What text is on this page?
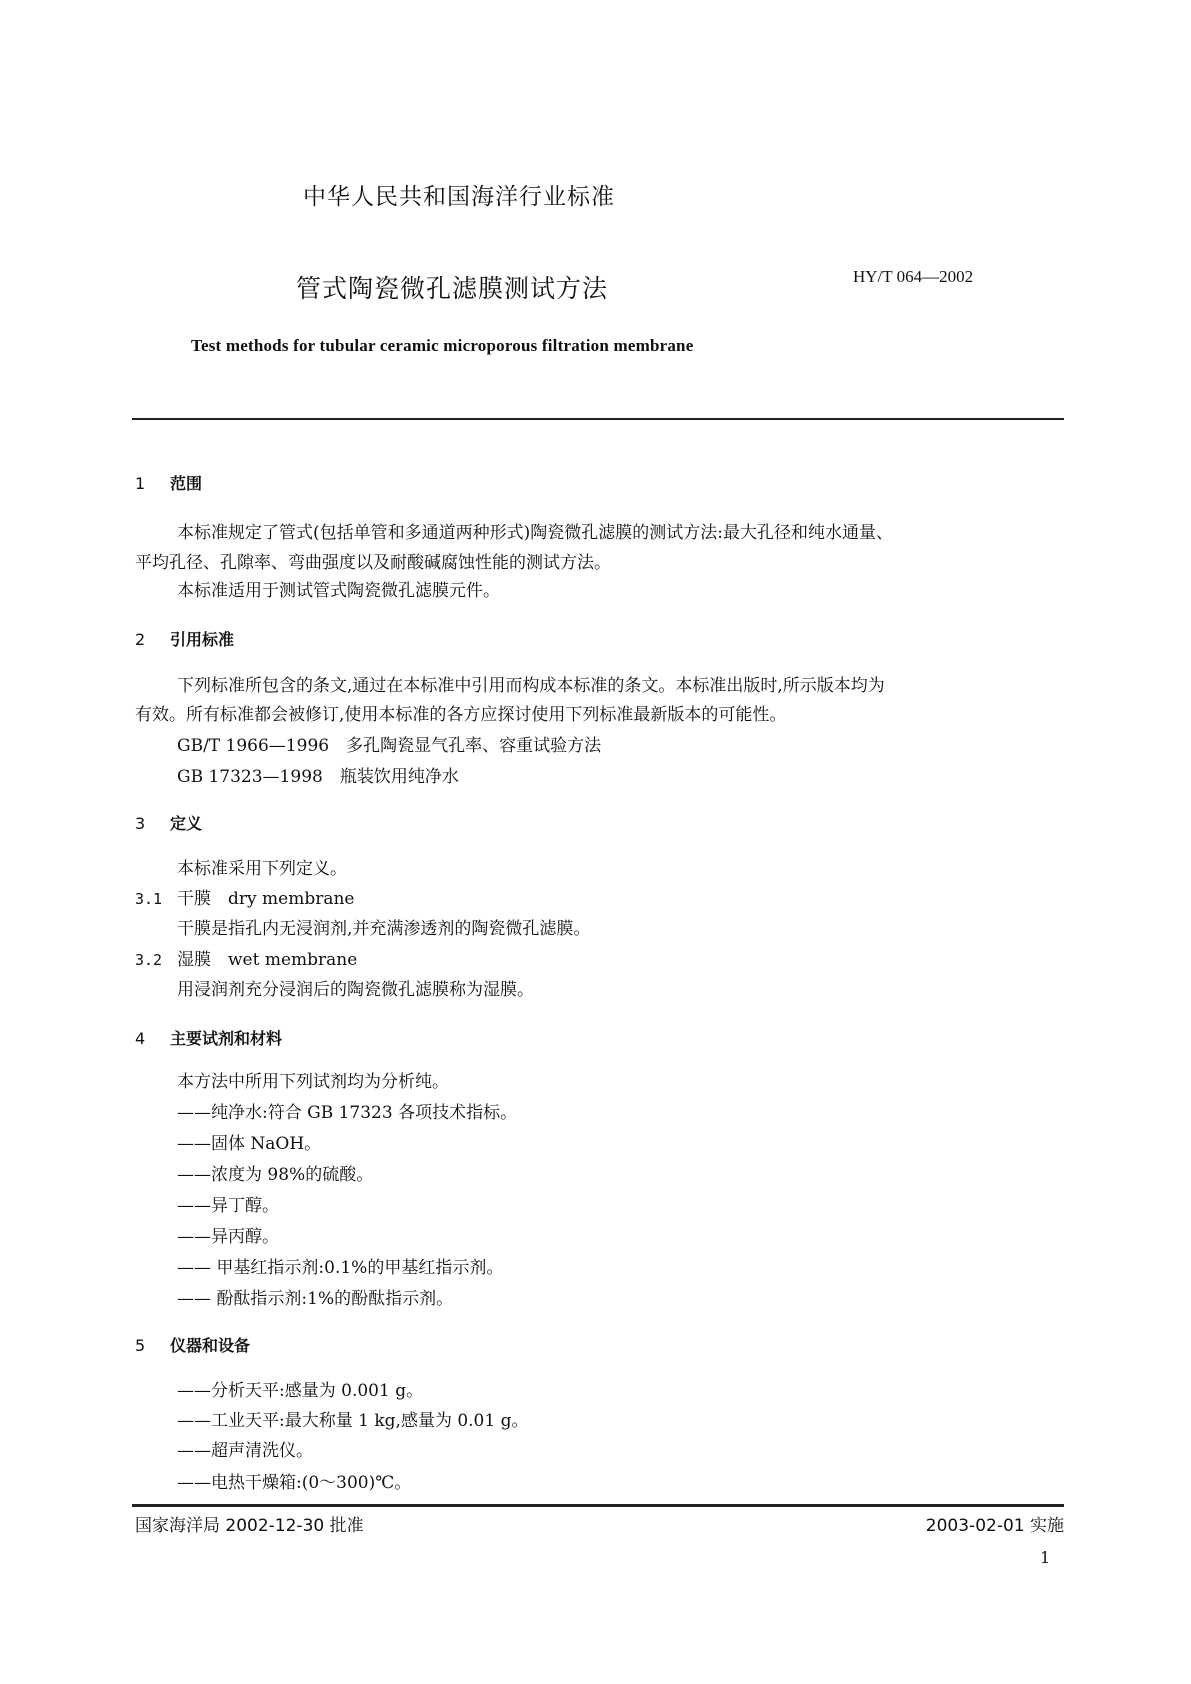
中华人民共和国海洋行业标准
管式陶瓷微孔滤膜测试方法	HY/T 064—2002
Test methods for tubular ceramic microporous filtration membrane
1 范围
本标准规定了管式(包括单管和多通道两种形式)陶瓷微孔滤膜的测试方法:最大孔径和纯水通量、
平均孔径、孔隙率、弯曲强度以及耐酸碱腐蚀性能的测试方法。
本标准适用于测试管式陶瓷微孔滤膜元件。
2 引用标准
下列标准所包含的条文,通过在本标准中引用而构成本标准的条文。本标准出版时,所示版本均为
有效。所有标准都会被修订,使用本标准的各方应探讨使用下列标准最新版本的可能性。
GB/T 1966—1996　多孔陶瓷显气孔率、容重试验方法
GB 17323—1998　瓶装饮用纯净水
3 定义
本标准采用下列定义。
3.1 干膜　dry membrane
干膜是指孔内无浸润剂,并充满渗透剂的陶瓷微孔滤膜。
3.2 湿膜　wet membrane
用浸润剂充分浸润后的陶瓷微孔滤膜称为湿膜。
4 主要试剂和材料
本方法中所用下列试剂均为分析纯。
——纯净水:符合 GB 17323 各项技术指标。
——固体 NaOH。
——浓度为 98%的硫酸。
——异丁醇。
——异丙醇。
—— 甲基红指示剂:0.1%的甲基红指示剂。
—— 酚酞指示剂:1%的酚酞指示剂。
5 仪器和设备
——分析天平:感量为 0.001 g。
——工业天平:最大称量 1 kg,感量为 0.01 g。
——超声清洗仪。
——电热干燥箱:(0～300)℃。
国家海洋局 2002-12-30 批准	2003-02-01 实施
1
